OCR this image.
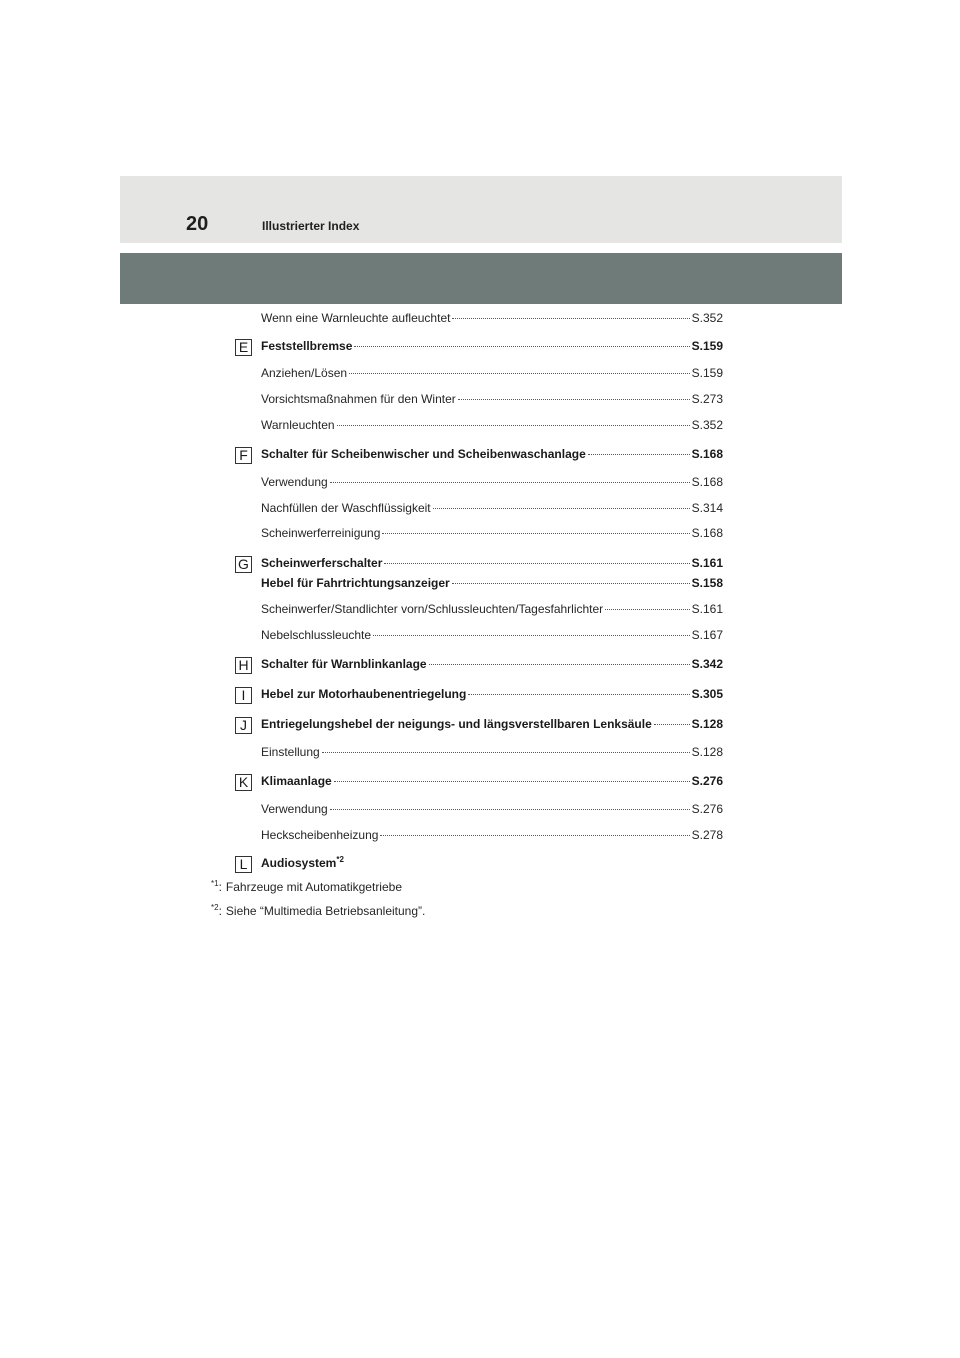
20	Illustrierter Index
Wenn eine Warnleuchte aufleuchtet	S.352
E	Feststellbremse	S.159
Anziehen/Lösen	S.159
Vorsichtsmaßnahmen für den Winter	S.273
Warnleuchten	S.352
F	Schalter für Scheibenwischer und Scheibenwaschanlage	S.168
Verwendung	S.168
Nachfüllen der Waschflüssigkeit	S.314
Scheinwerferreinigung	S.168
G Scheinwerferschalter	S.161
Hebel für Fahrtrichtungsanzeiger	S.158
Scheinwerfer/Standlichter vorn/Schlussleuchten/Tagesfahrlichter	S.161
Nebelschlussleuchte	S.167
H Schalter für Warnblinkanlage	S.342
I	Hebel zur Motorhaubenentriegelung	S.305
J	Entriegelungshebel der neigungs- und längsverstellbaren Lenksäule	S.128
Einstellung	S.128
K	Klimaanlage	S.276
Verwendung	S.276
Heckscheibenheizung	S.278
L	Audiosystem$^{*2}$
$^{*1}$: Fahrzeuge mit Automatikgetriebe
$^{*2}$: Siehe “Multimedia Betriebsanleitung”.
